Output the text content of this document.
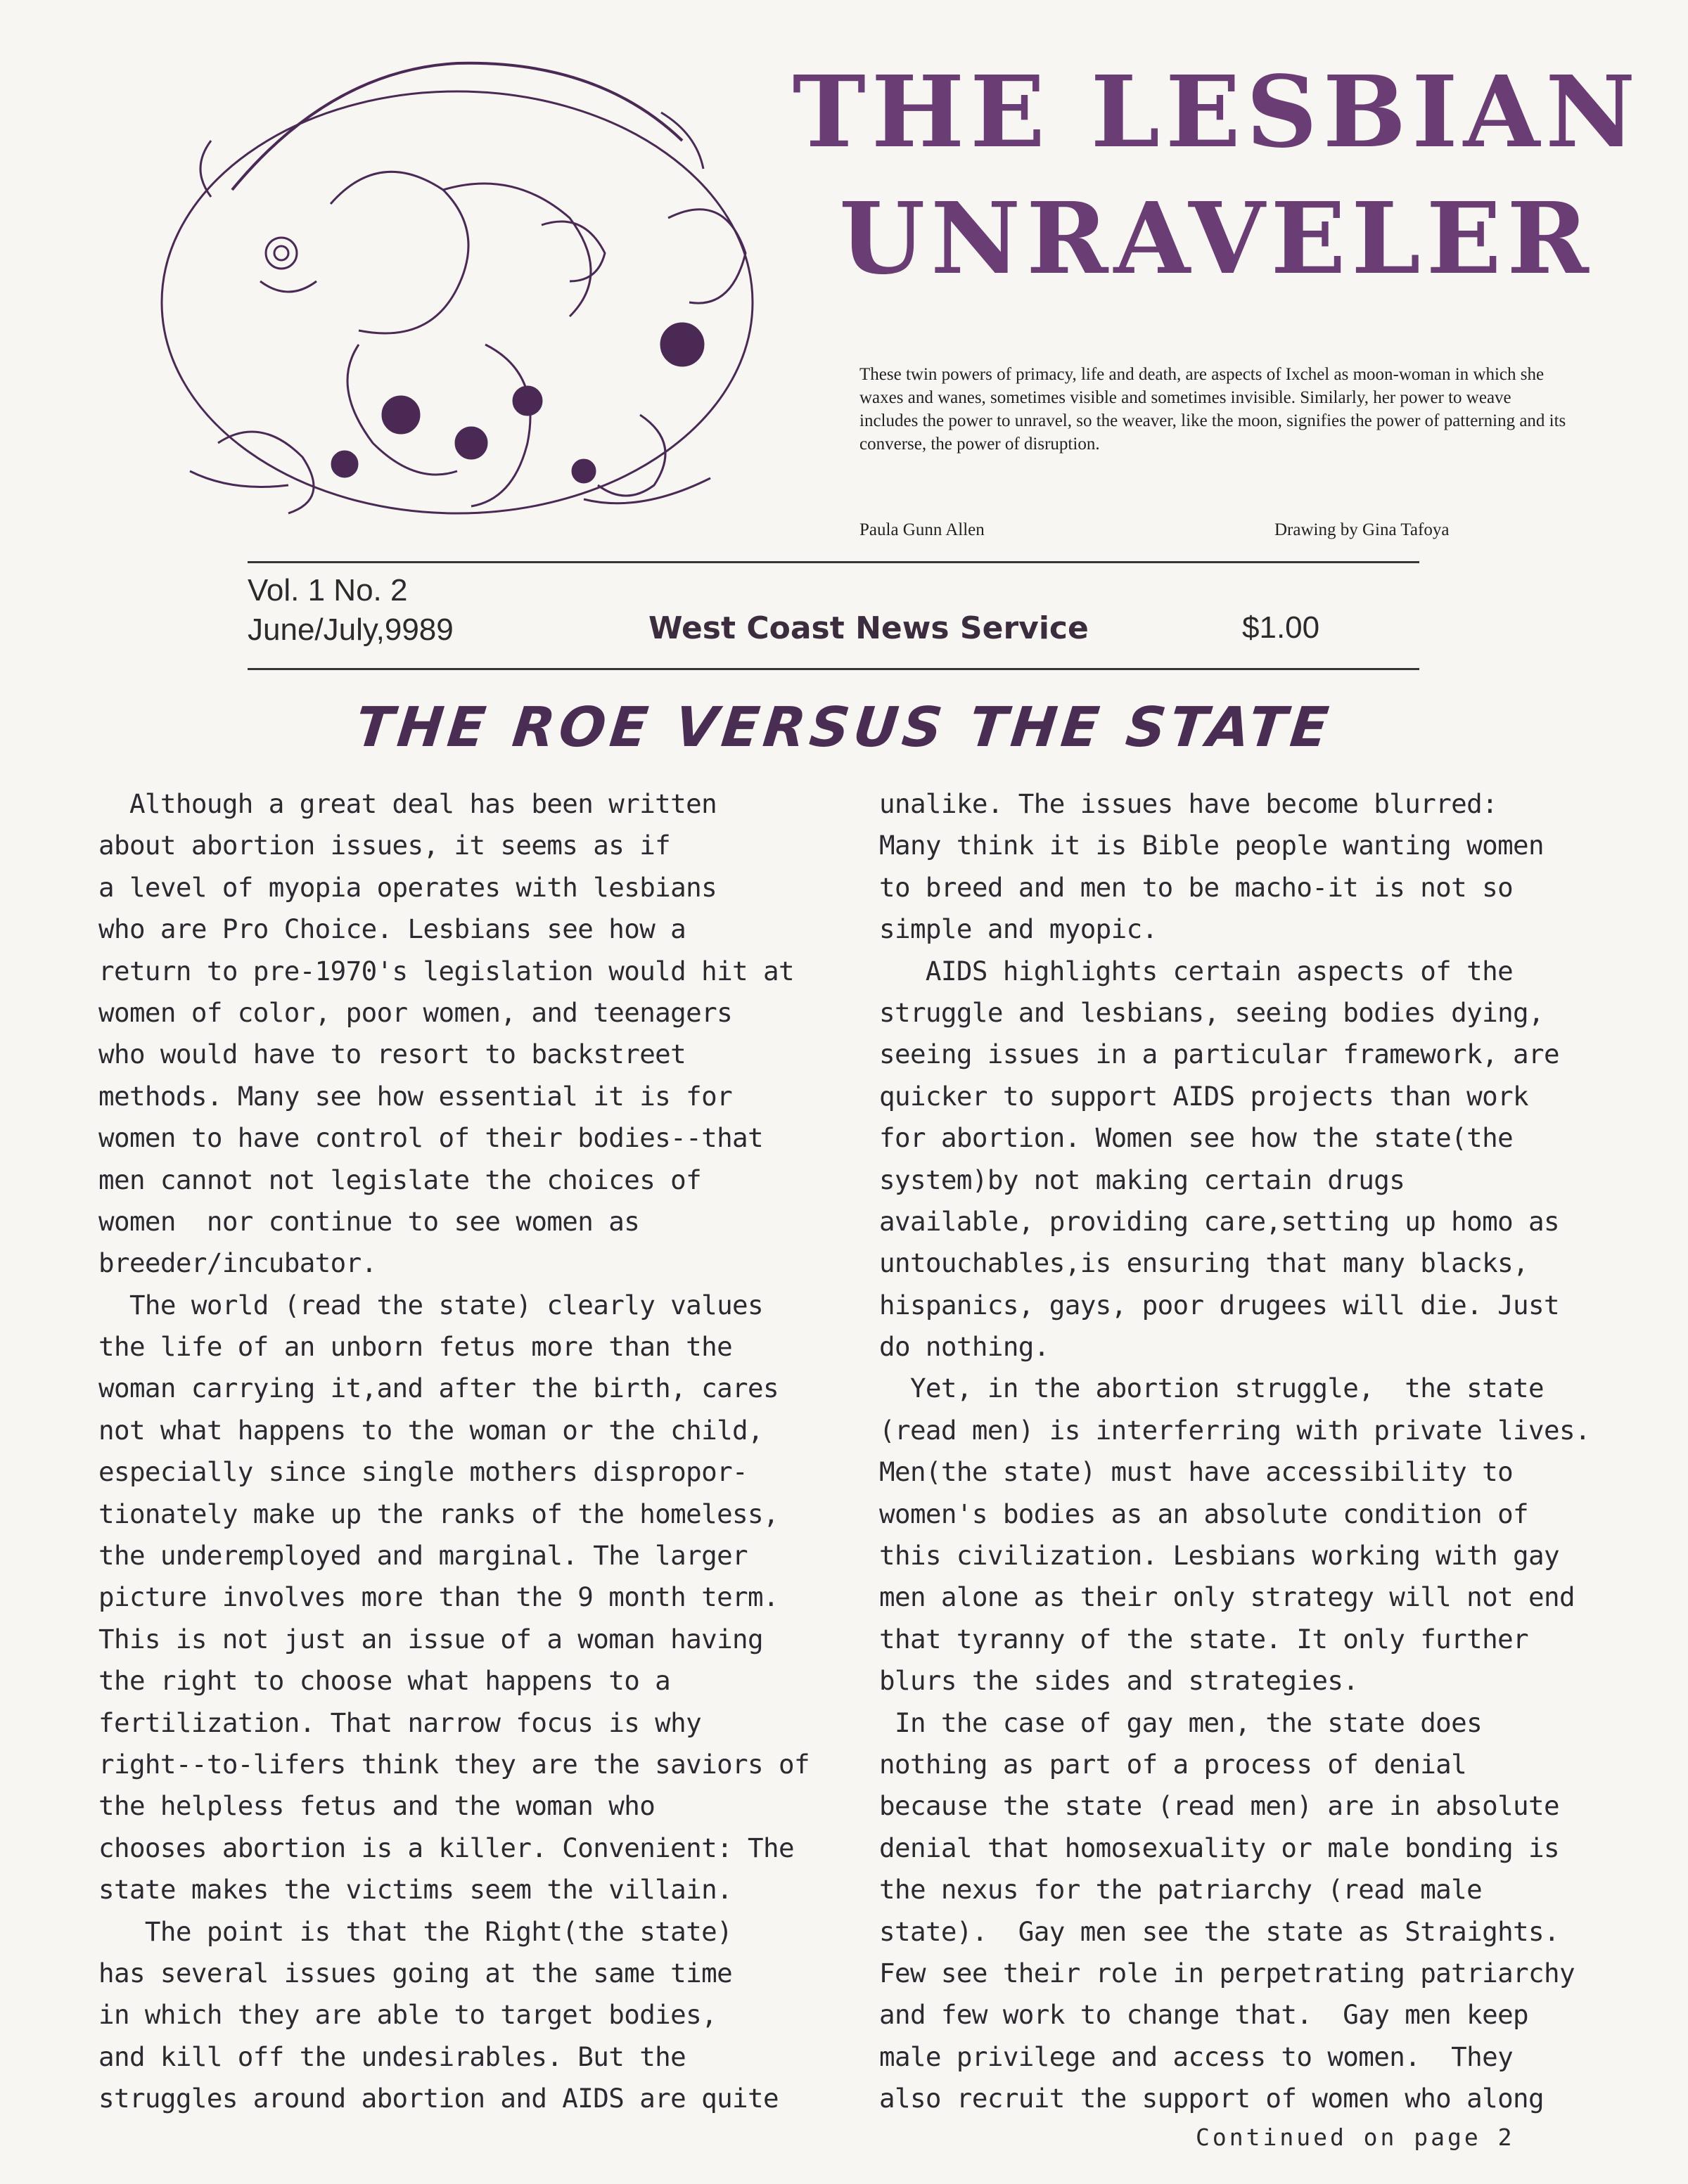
THE LESBIAN
UNRAVELER
These twin powers of primacy, life and death, are aspects of Ixchel as moon-woman in which she waxes and wanes, sometimes visible and sometimes invisible. Similarly, her power to weave includes the power to unravel, so the weaver, like the moon, signifies the power of patterning and its converse, the power of disruption.
Paula Gunn Allen	Drawing by Gina Tafoya
Vol. 1 No. 2
June/July,9989	West Coast News Service	$1.00
THE ROE VERSUS THE STATE
Although a great deal has been written
about abortion issues, it seems as if
a level of myopia operates with lesbians
who are Pro Choice. Lesbians see how a
return to pre-1970's legislation would hit at
women of color, poor women, and teenagers
who would have to resort to backstreet
methods. Many see how essential it is for
women to have control of their bodies--that
men cannot not legislate the choices of
women  nor continue to see women as
breeder/incubator.
The world (read the state) clearly values
the life of an unborn fetus more than the
woman carrying it,and after the birth, cares
not what happens to the woman or the child,
especially since single mothers dispropor-
tionately make up the ranks of the homeless,
the underemployed and marginal. The larger
picture involves more than the 9 month term.
This is not just an issue of a woman having
the right to choose what happens to a
fertilization. That narrow focus is why
right--to-lifers think they are the saviors of
the helpless fetus and the woman who
chooses abortion is a killer. Convenient: The
state makes the victims seem the villain.
The point is that the Right(the state)
has several issues going at the same time
in which they are able to target bodies,
and kill off the undesirables. But the
struggles around abortion and AIDS are quite
unalike. The issues have become blurred:
Many think it is Bible people wanting women
to breed and men to be macho-it is not so
simple and myopic.
AIDS highlights certain aspects of the
struggle and lesbians, seeing bodies dying,
seeing issues in a particular framework, are
quicker to support AIDS projects than work
for abortion. Women see how the state(the
system)by not making certain drugs
available, providing care,setting up homo as
untouchables,is ensuring that many blacks,
hispanics, gays, poor drugees will die. Just
do nothing.
Yet, in the abortion struggle,  the state
(read men) is interferring with private lives.
Men(the state) must have accessibility to
women's bodies as an absolute condition of
this civilization. Lesbians working with gay
men alone as their only strategy will not end
that tyranny of the state. It only further
blurs the sides and strategies.
In the case of gay men, the state does
nothing as part of a process of denial
because the state (read men) are in absolute
denial that homosexuality or male bonding is
the nexus for the patriarchy (read male
state).  Gay men see the state as Straights.
Few see their role in perpetrating patriarchy
and few work to change that.  Gay men keep
male privilege and access to women.  They
also recruit the support of women who along
Continued on page 2
